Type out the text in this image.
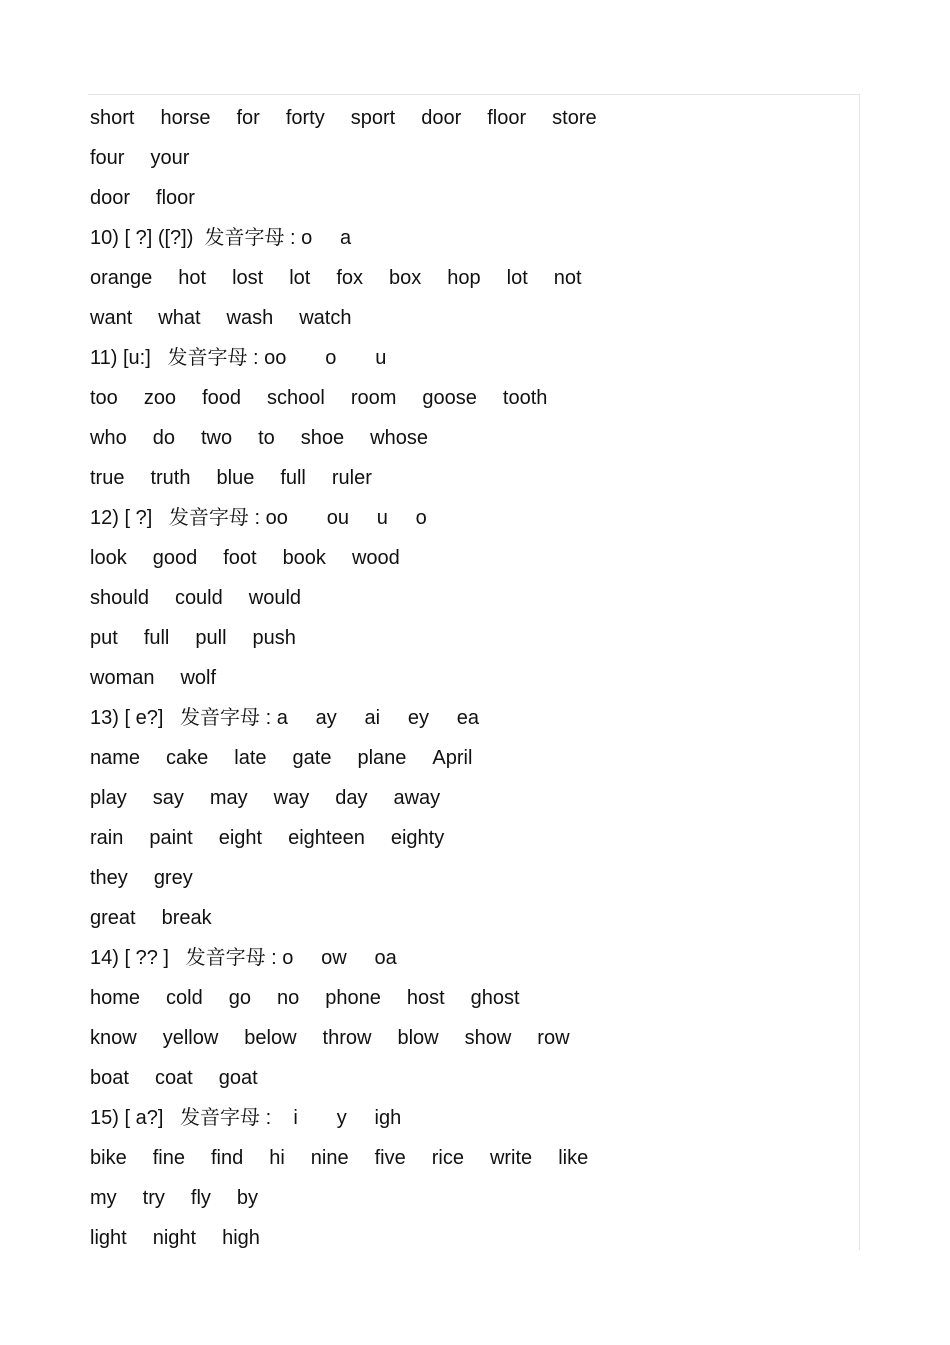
short horse for forty sport door floor store
four your
door floor
10) [ ?] ([?])  发音字母 : o     a
orange hot lost lot fox box hop lot not
want what wash watch
11) [u:]   发音字母 : oo       o       u
too zoo food school room goose tooth
who do two to shoe whose
true truth blue full ruler
12) [ ?]   发音字母 : oo       ou     u     o
look good foot book wood
should could would
put full pull push
woman wolf
13) [ e?]   发音字母 : a     ay     ai     ey     ea
name cake late gate plane April
play say may way day away
rain paint eight eighteen eighty
they grey
great break
14) [ ?? ]   发音字母 : o     ow     oa
home cold go no phone host ghost
know yellow below throw blow show row
boat coat goat
15) [ a?]   发音字母 :    i       y     igh
bike fine find hi nine five rice write like
my try fly by
light night high
